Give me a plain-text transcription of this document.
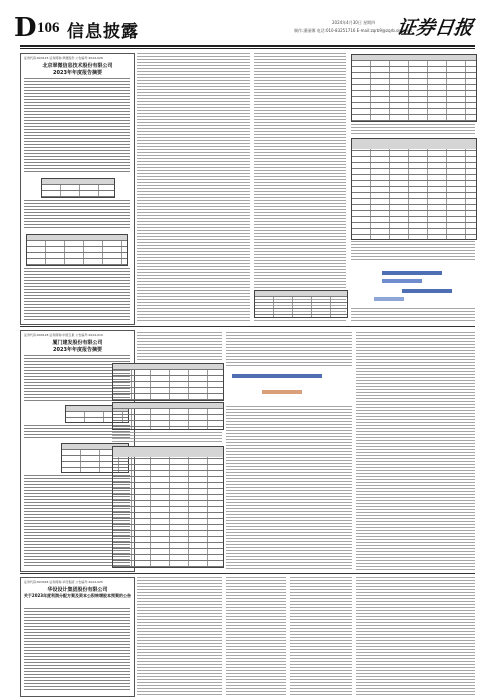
D 106 信息披露	2024年4月30日 星期四
制作:潘丽娜 电话:010-83251716 E-mail:zqrb9@zqrb.sina.net
证券日报
证券代码:603123 证券简称:翠微股份 公告编号:2024-026
北京翠微信息技术股份有限公司
2023年年度报告摘要
证券代码:600118 证券简称:中国卫星 公告编号:2024-019
厦门建发股份有限公司
2023年年度报告摘要
证券代码:603018 证券简称:华设集团 公告编号:2024-025
华设设计集团股份有限公司
关于2023年度利润分配方案及资本公积转增股本预案的公告
